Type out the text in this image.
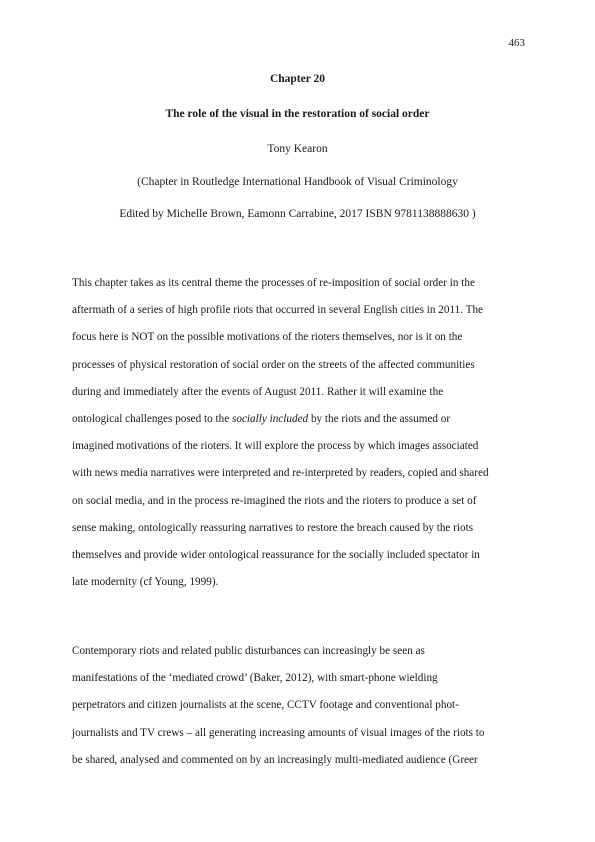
463
Chapter 20
The role of the visual in the restoration of social order
Tony Kearon
(Chapter in Routledge International Handbook of Visual Criminology
Edited by Michelle Brown, Eamonn Carrabine, 2017 ISBN 9781138888630 )

This chapter takes as its central theme the processes of re-imposition of social order in the
aftermath of a series of high profile riots that occurred in several English cities in 2011. The
focus here is NOT on the possible motivations of the rioters themselves, nor is it on the
processes of physical restoration of social order on the streets of the affected communities
during and immediately after the events of August 2011. Rather it will examine the
ontological challenges posed to the socially included by the riots and the assumed or
imagined motivations of the rioters. It will explore the process by which images associated
with news media narratives were interpreted and re-interpreted by readers, copied and shared
on social media, and in the process re-imagined the riots and the rioters to produce a set of
sense making, ontologically reassuring narratives to restore the breach caused by the riots
themselves and provide wider ontological reassurance for the socially included spectator in
late modernity (cf Young, 1999).

Contemporary riots and related public disturbances can increasingly be seen as
manifestations of the ‘mediated crowd’ (Baker, 2012), with smart-phone wielding
perpetrators and citizen journalists at the scene, CCTV footage and conventional phot-
journalists and TV crews – all generating increasing amounts of visual images of the riots to
be shared, analysed and commented on by an increasingly multi-mediated audience (Greer
